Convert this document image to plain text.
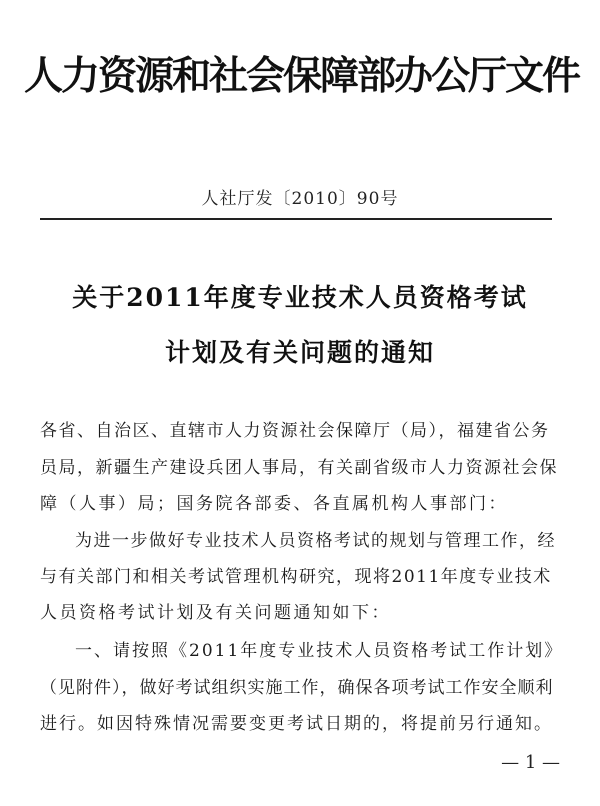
人力资源和社会保障部办公厅文件
人社厅发〔2010〕90号
关于2011年度专业技术人员资格考试
计划及有关问题的通知
各省、自治区、直辖市人力资源社会保障厅（局），福建省公务
员局，新疆生产建设兵团人事局，有关副省级市人力资源社会保
障（人事）局；国务院各部委、各直属机构人事部门：
为进一步做好专业技术人员资格考试的规划与管理工作，经
与有关部门和相关考试管理机构研究，现将2011年度专业技术
人员资格考试计划及有关问题通知如下：
一、请按照《2011年度专业技术人员资格考试工作计划》
（见附件），做好考试组织实施工作，确保各项考试工作安全顺利
进行。如因特殊情况需要变更考试日期的，将提前另行通知。
— 1 —
